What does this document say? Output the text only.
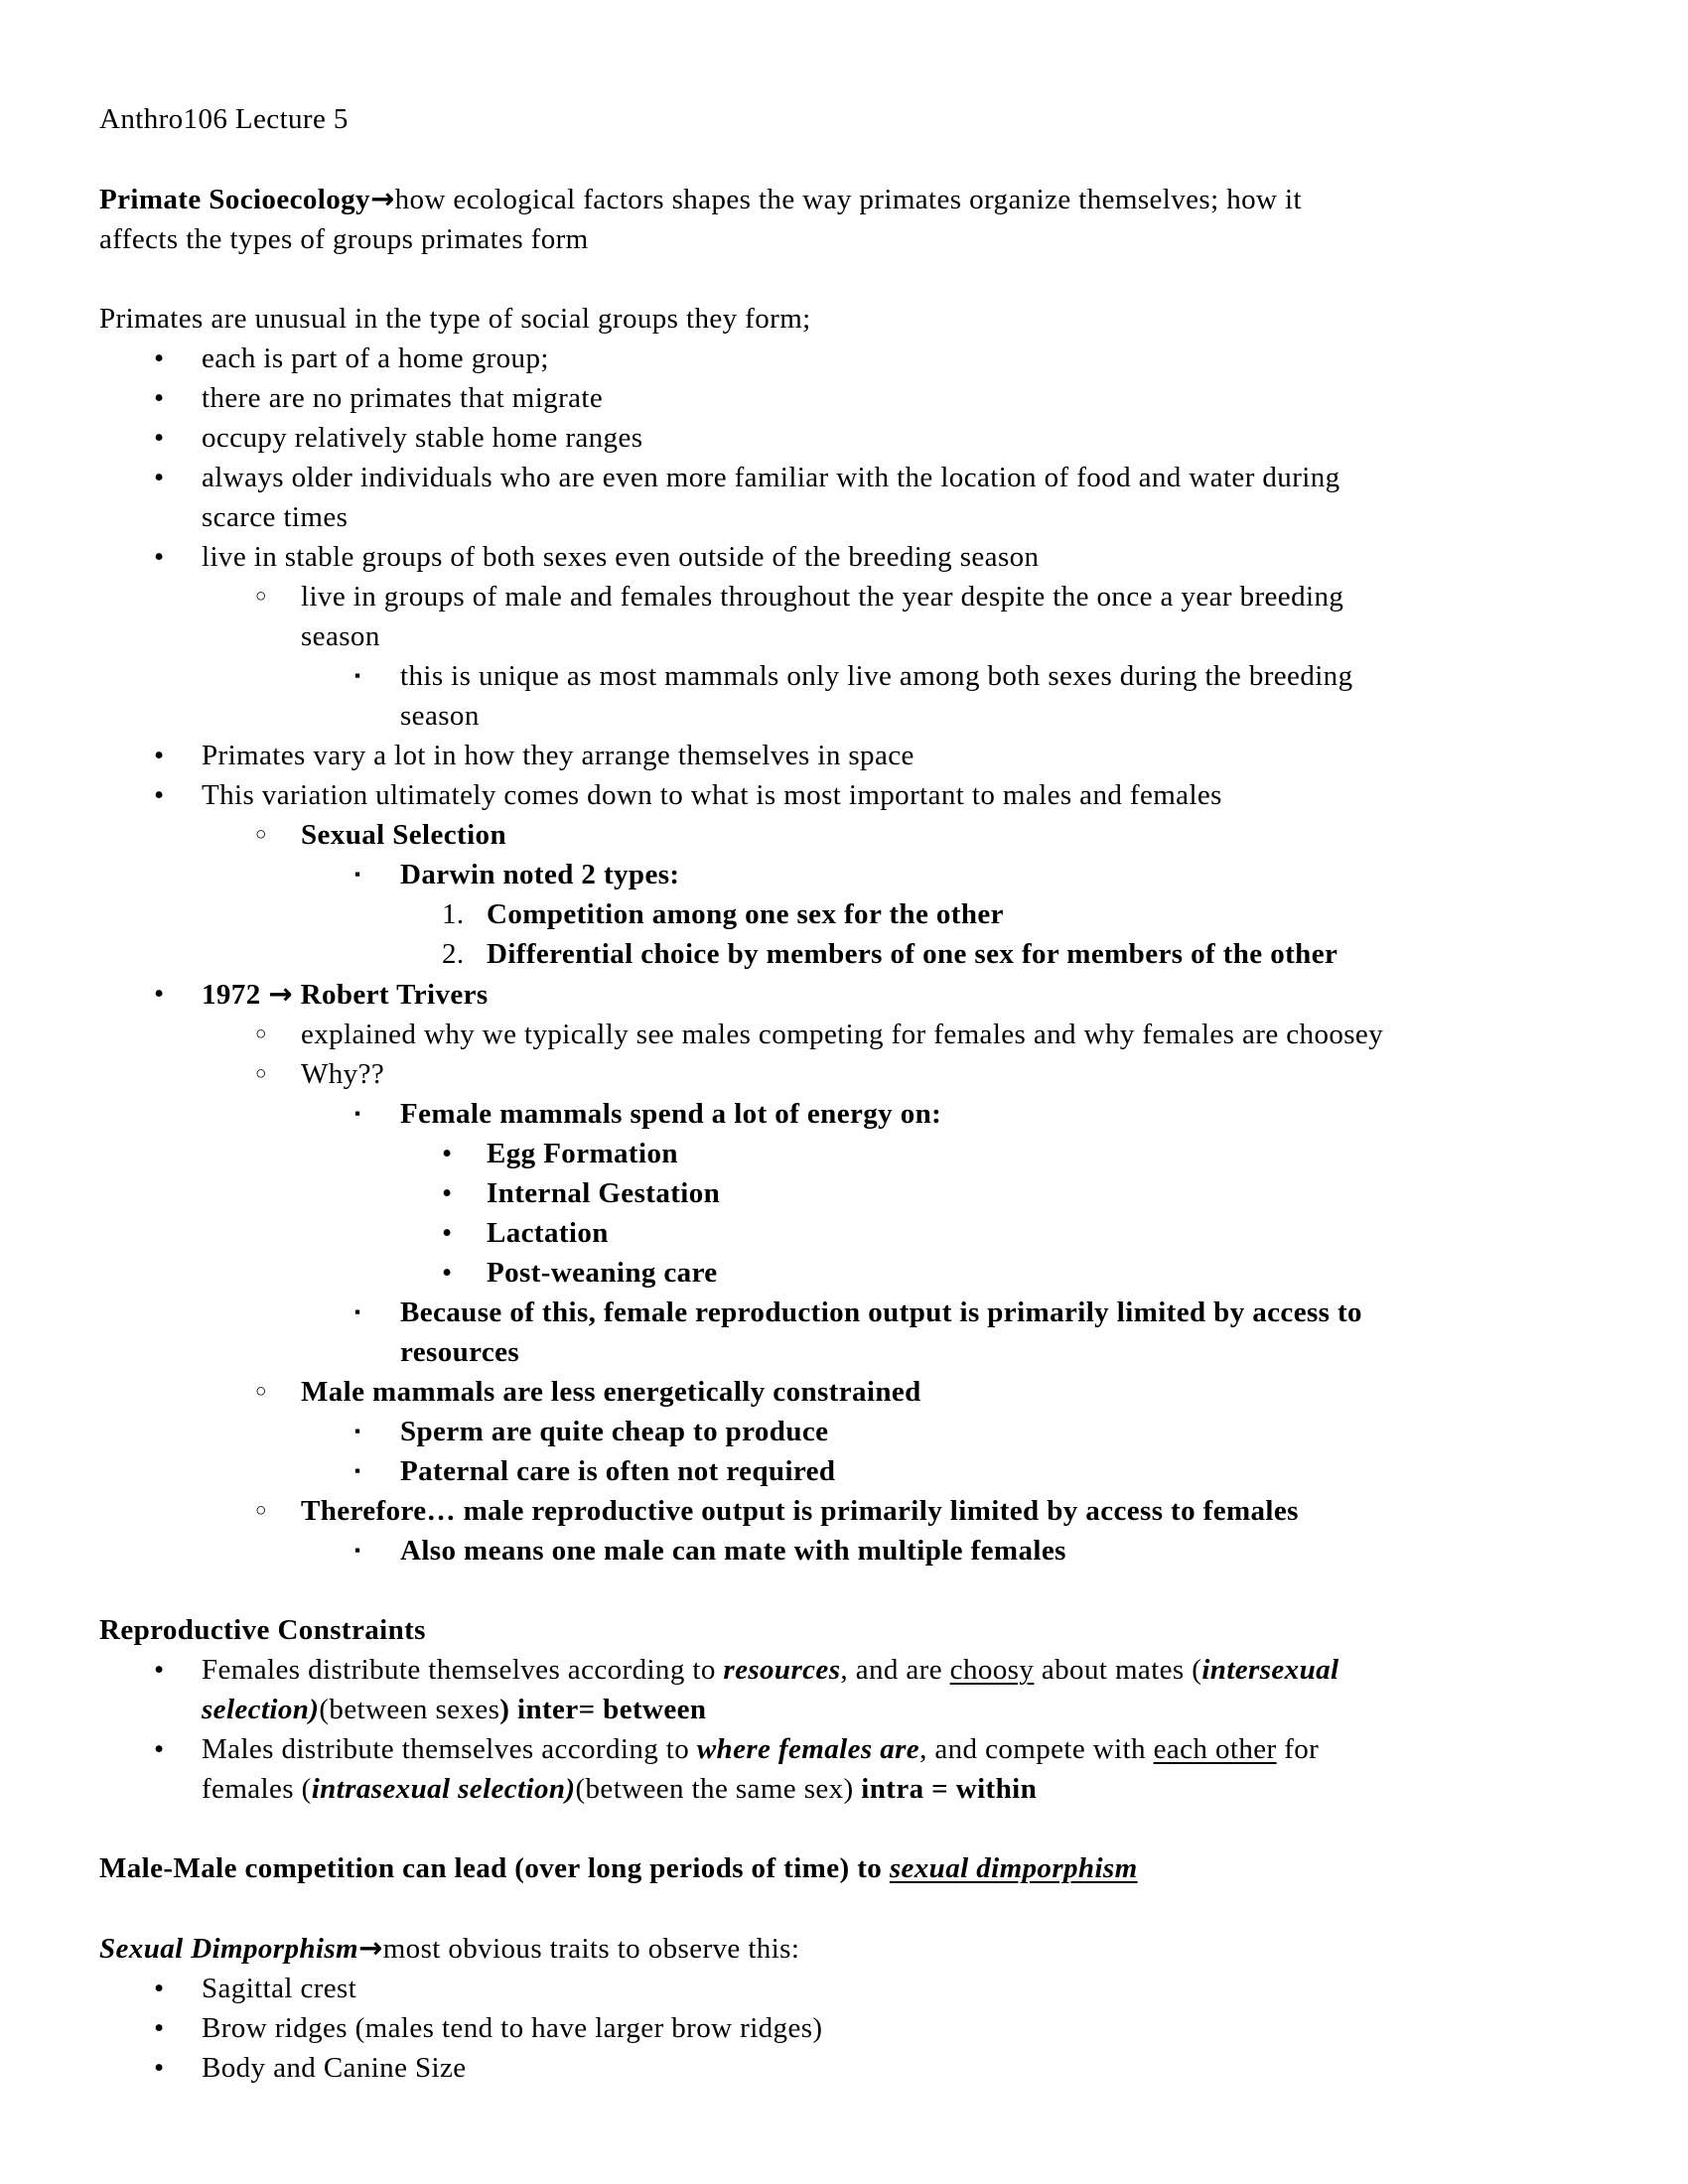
Anthro106 Lecture 5

Primate Socioecology→how ecological factors shapes the way primates organize themselves; how it
affects the types of groups primates form

Primates are unusual in the type of social groups they form;

• each is part of a home group;
• there are no primates that migrate
• occupy relatively stable home ranges
• always older individuals who are even more familiar with the location of food and water during
scarce times
• live in stable groups of both sexes even outside of the breeding season
○ live in groups of male and females throughout the year despite the once a year breeding
season
▪ this is unique as most mammals only live among both sexes during the breeding
season
• Primates vary a lot in how they arrange themselves in space
• This variation ultimately comes down to what is most important to males and females
○ Sexual Selection
▪ Darwin noted 2 types:
1. Competition among one sex for the other
2. Differential choice by members of one sex for members of the other
• 1972 → Robert Trivers
○ explained why we typically see males competing for females and why females are choosey
○ Why??
▪ Female mammals spend a lot of energy on:
• Egg Formation
• Internal Gestation
• Lactation
• Post-weaning care
▪ Because of this, female reproduction output is primarily limited by access to
resources
○ Male mammals are less energetically constrained
▪ Sperm are quite cheap to produce
▪ Paternal care is often not required
○ Therefore… male reproductive output is primarily limited by access to females
▪ Also means one male can mate with multiple females

Reproductive Constraints

• Females distribute themselves according to resources, and are choosy about mates (intersexual
selection)(between sexes) inter= between
• Males distribute themselves according to where females are, and compete with each other for
females (intrasexual selection)(between the same sex) intra = within

Male-Male competition can lead (over long periods of time) to sexual dimporphism

Sexual Dimporphism→most obvious traits to observe this:

• Sagittal crest
• Brow ridges (males tend to have larger brow ridges)
• Body and Canine Size
